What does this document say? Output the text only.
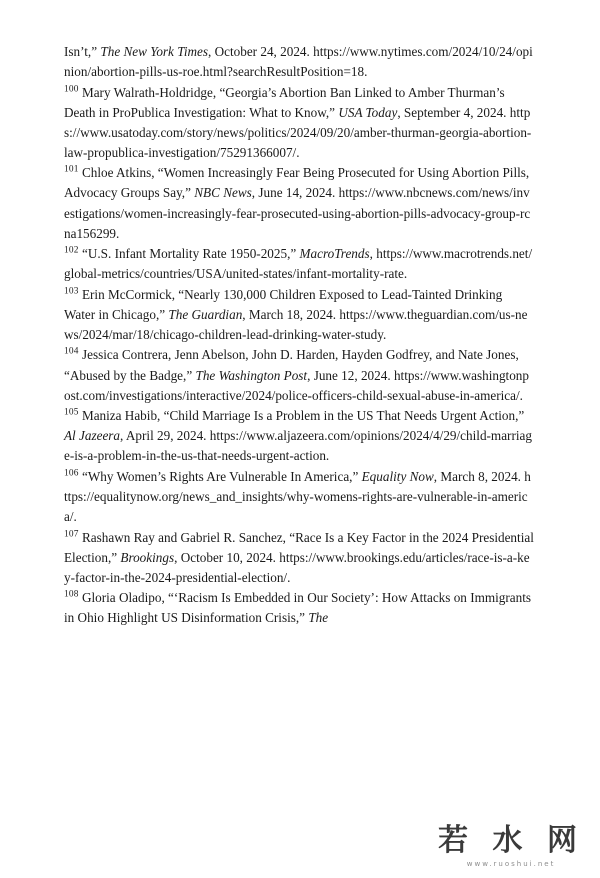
Isn’t,” The New York Times, October 24, 2024. https://www.nytimes.com/2024/10/24/opinion/abortion-pills-us-roe.html?searchResultPosition=18.

$^{100}$ Mary Walrath-Holdridge, “Georgia’s Abortion Ban Linked to Amber Thurman’s Death in ProPublica Investigation: What to Know,” USA Today, September 4, 2024. https://www.usatoday.com/story/news/politics/2024/09/20/amber-thurman-georgia-abortion-law-propublica-investigation/75291366007/.

$^{101}$ Chloe Atkins, “Women Increasingly Fear Being Prosecuted for Using Abortion Pills, Advocacy Groups Say,” NBC News, June 14, 2024. https://www.nbcnews.com/news/investigations/women-increasingly-fear-prosecuted-using-abortion-pills-advocacy-group-rcna156299.

$^{102}$ “U.S. Infant Mortality Rate 1950-2025,” MacroTrends, https://www.macrotrends.net/global-metrics/countries/USA/united-states/infant-mortality-rate.

$^{103}$ Erin McCormick, “Nearly 130,000 Children Exposed to Lead-Tainted Drinking Water in Chicago,” The Guardian, March 18, 2024. https://www.theguardian.com/us-news/2024/mar/18/chicago-children-lead-drinking-water-study.

$^{104}$ Jessica Contrera, Jenn Abelson, John D. Harden, Hayden Godfrey, and Nate Jones, “Abused by the Badge,” The Washington Post, June 12, 2024. https://www.washingtonpost.com/investigations/interactive/2024/police-officers-child-sexual-abuse-in-america/.

$^{105}$ Maniza Habib, “Child Marriage Is a Problem in the US That Needs Urgent Action,” Al Jazeera, April 29, 2024. https://www.aljazeera.com/opinions/2024/4/29/child-marriage-is-a-problem-in-the-us-that-needs-urgent-action.

$^{106}$ “Why Women’s Rights Are Vulnerable In America,” Equality Now, March 8, 2024. https://equalitynow.org/news_and_insights/why-womens-rights-are-vulnerable-in-america/.

$^{107}$ Rashawn Ray and Gabriel R. Sanchez, “Race Is a Key Factor in the 2024 Presidential Election,” Brookings, October 10, 2024. https://www.brookings.edu/articles/race-is-a-key-factor-in-the-2024-presidential-election/.

$^{108}$ Gloria Oladipo, “‘Racism Is Embedded in Our Society’: How Attacks on Immigrants in Ohio Highlight US Disinformation Crisis,” The

若 水 网
www.ruoshui.net
